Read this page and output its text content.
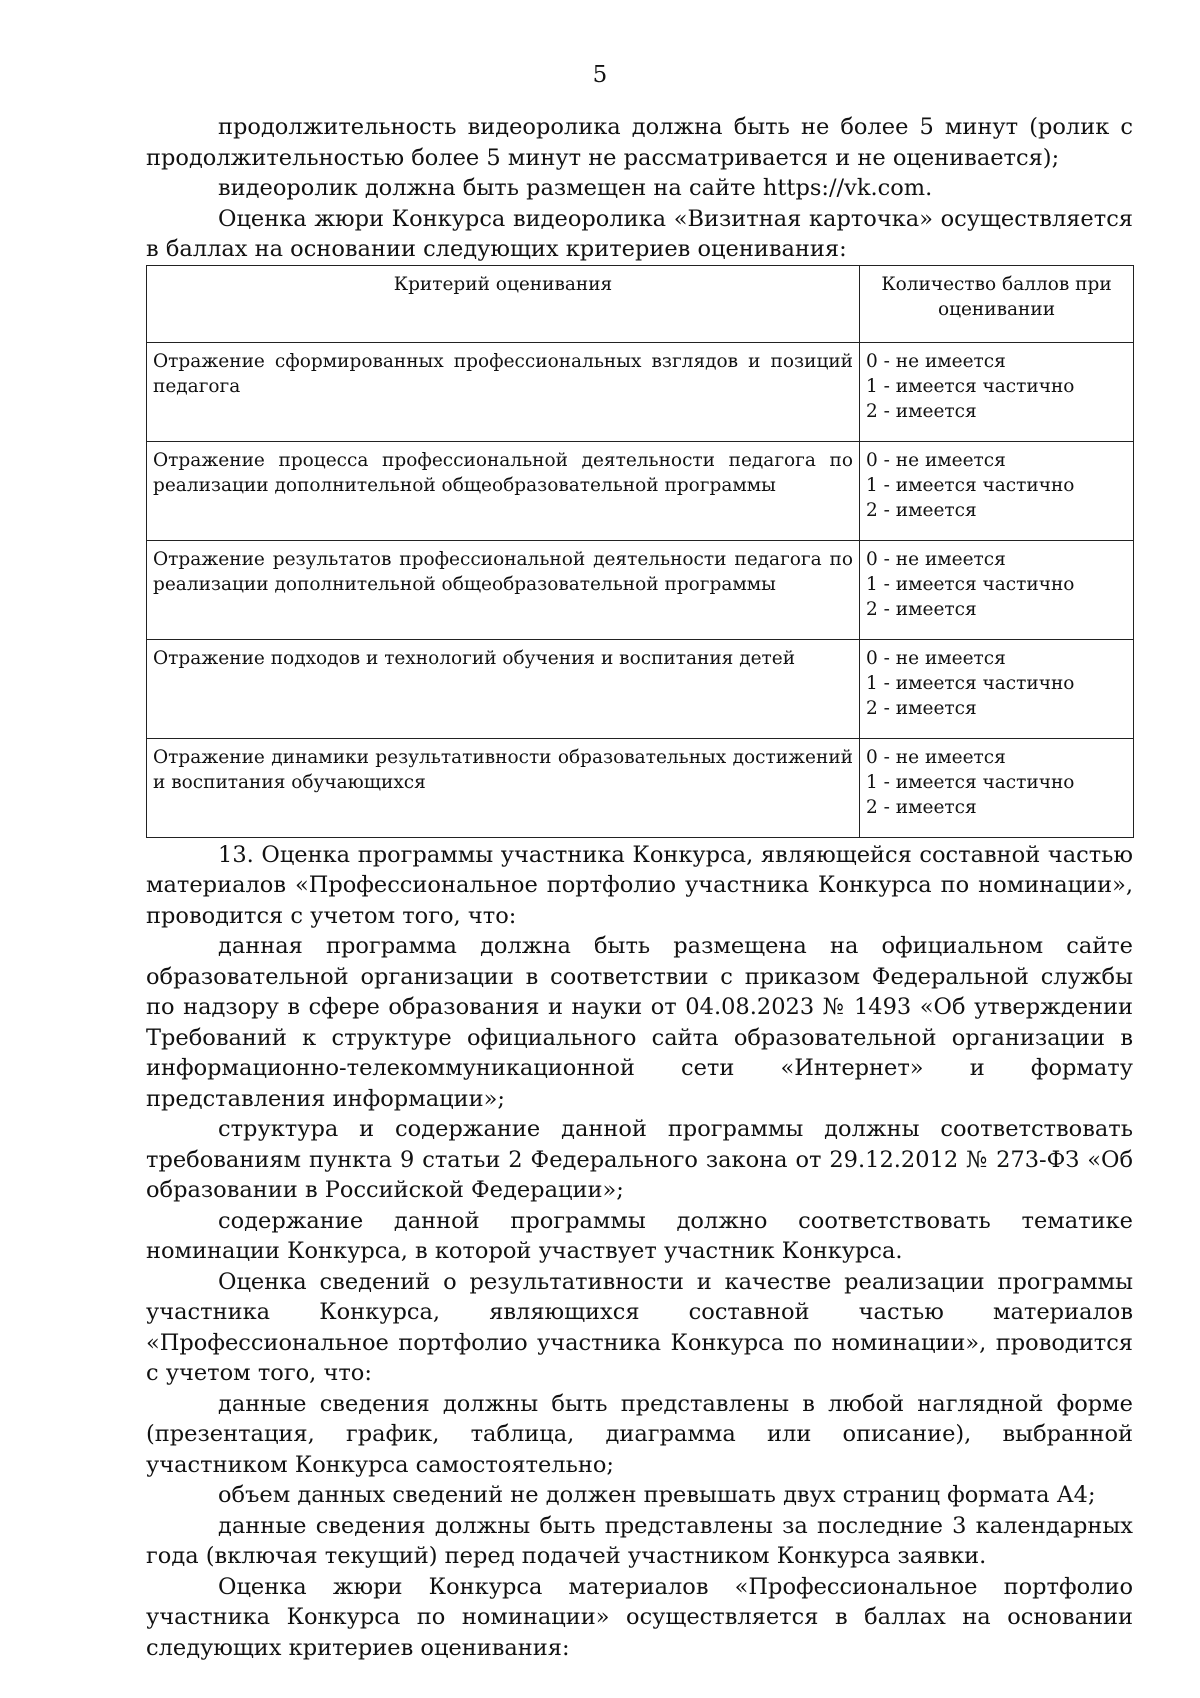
5

продолжительность видеоролика должна быть не более 5 минут (ролик с продолжительностью более 5 минут не рассматривается и не оценивается);

видеоролик должна быть размещен на сайте https://vk.com.

Оценка жюри Конкурса видеоролика «Визитная карточка» осуществляется в баллах на основании следующих критериев оценивания:

Критерий оценивания	Количество баллов при оценивании
Отражение сформированных профессиональных взглядов и позиций педагога	0 - не имеется
1 - имеется частично
2 - имеется

Отражение процесса профессиональной деятельности педагога по реализации дополнительной общеобразовательной программы	0 - не имеется
1 - имеется частично
2 - имеется

Отражение результатов профессиональной деятельности педагога по реализации дополнительной общеобразовательной программы	0 - не имеется
1 - имеется частично
2 - имеется

Отражение подходов и технологий обучения и воспитания детей	0 - не имеется
1 - имеется частично
2 - имеется

Отражение динамики результативности образовательных достижений и воспитания обучающихся	0 - не имеется
1 - имеется частично
2 - имеется

13. Оценка программы участника Конкурса, являющейся составной частью материалов «Профессиональное портфолио участника Конкурса по номинации», проводится с учетом того, что:

данная программа должна быть размещена на официальном сайте образовательной организации в соответствии с приказом Федеральной службы по надзору в сфере образования и науки от 04.08.2023 № 1493 «Об утверждении Требований к структуре официального сайта образовательной организации в информационно-телекоммуникационной сети «Интернет» и формату представления информации»;

структура и содержание данной программы должны соответствовать требованиям пункта 9 статьи 2 Федерального закона от 29.12.2012 № 273-ФЗ «Об образовании в Российской Федерации»;

содержание данной программы должно соответствовать тематике номинации Конкурса, в которой участвует участник Конкурса.

Оценка сведений о результативности и качестве реализации программы участника Конкурса, являющихся составной частью материалов «Профессиональное портфолио участника Конкурса по номинации», проводится с учетом того, что:

данные сведения должны быть представлены в любой наглядной форме (презентация, график, таблица, диаграмма или описание), выбранной участником Конкурса самостоятельно;

объем данных сведений не должен превышать двух страниц формата А4;

данные сведения должны быть представлены за последние 3 календарных года (включая текущий) перед подачей участником Конкурса заявки.

Оценка жюри Конкурса материалов «Профессиональное портфолио участника Конкурса по номинации» осуществляется в баллах на основании следующих критериев оценивания:
